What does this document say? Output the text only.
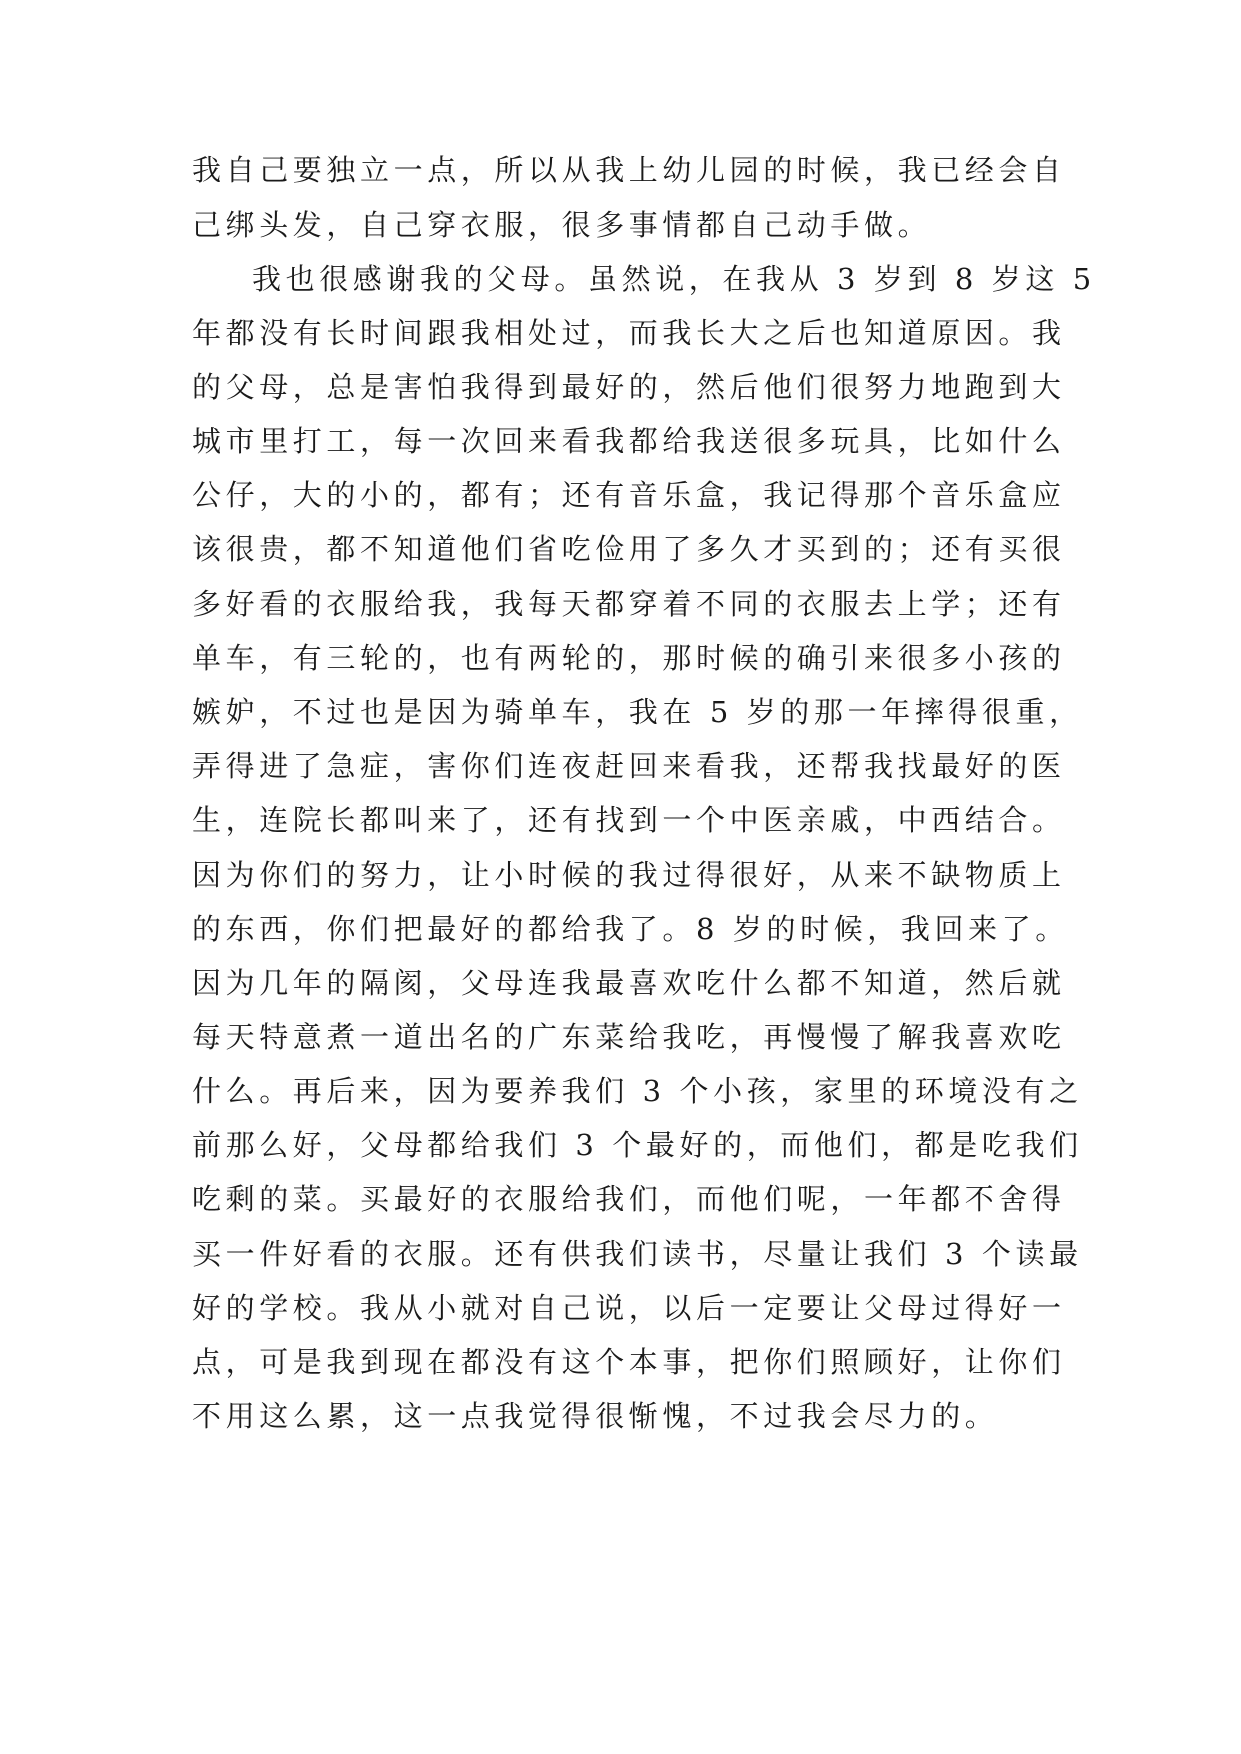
我自己要独立一点，所以从我上幼儿园的时候，我已经会自
己绑头发，自己穿衣服，很多事情都自己动手做。
我也很感谢我的父母。虽然说，在我从 3 岁到 8 岁这 5
年都没有长时间跟我相处过，而我长大之后也知道原因。我
的父母，总是害怕我得到最好的，然后他们很努力地跑到大
城市里打工，每一次回来看我都给我送很多玩具，比如什么
公仔，大的小的，都有；还有音乐盒，我记得那个音乐盒应
该很贵，都不知道他们省吃俭用了多久才买到的；还有买很
多好看的衣服给我，我每天都穿着不同的衣服去上学；还有
单车，有三轮的，也有两轮的，那时候的确引来很多小孩的
嫉妒，不过也是因为骑单车，我在 5 岁的那一年摔得很重，
弄得进了急症，害你们连夜赶回来看我，还帮我找最好的医
生，连院长都叫来了，还有找到一个中医亲戚，中西结合。
因为你们的努力，让小时候的我过得很好，从来不缺物质上
的东西，你们把最好的都给我了。8 岁的时候，我回来了。
因为几年的隔阂，父母连我最喜欢吃什么都不知道，然后就
每天特意煮一道出名的广东菜给我吃，再慢慢了解我喜欢吃
什么。再后来，因为要养我们 3 个小孩，家里的环境没有之
前那么好，父母都给我们 3 个最好的，而他们，都是吃我们
吃剩的菜。买最好的衣服给我们，而他们呢，一年都不舍得
买一件好看的衣服。还有供我们读书，尽量让我们 3 个读最
好的学校。我从小就对自己说，以后一定要让父母过得好一
点，可是我到现在都没有这个本事，把你们照顾好，让你们
不用这么累，这一点我觉得很惭愧，不过我会尽力的。
